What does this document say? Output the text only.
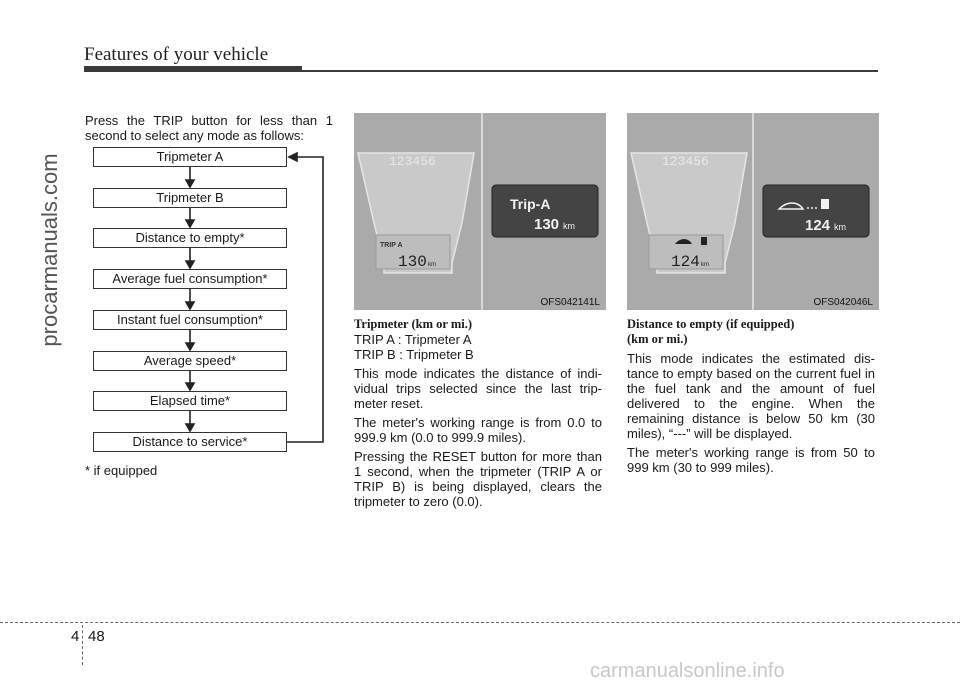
Features of your vehicle
procarmanuals.com
Press the TRIP button for less than 1
second to select any mode as follows:
Tripmeter A
Tripmeter B
Distance to empty*
Average fuel consumption*
Instant fuel consumption*
Average speed*
Elapsed time*
Distance to service*
* if equipped
123456
TRIP A
130 km
Trip-A
130 km
OFS042141L
123456
124 km
124 km
OFS042046L

Tripmeter (km or mi.)

TRIP A : Tripmeter A

TRIP B : Tripmeter B

This mode indicates the distance of indi-vidual trips selected since the last trip-meter reset.

The meter's working range is from 0.0 to 999.9 km (0.0 to 999.9 miles).

Pressing the RESET button for more than 1 second, when the tripmeter (TRIP A or TRIP B) is being displayed, clears the tripmeter to zero (0.0).

Distance to empty (if equipped)

(km or mi.)

This mode indicates the estimated dis-tance to empty based on the current fuel in the fuel tank and the amount of fuel delivered to the engine. When the remaining distance is below 50 km (30 miles), “---” will be displayed.

The meter's working range is from 50 to 999 km (30 to 999 miles).

4 48
carmanualsonline.info
